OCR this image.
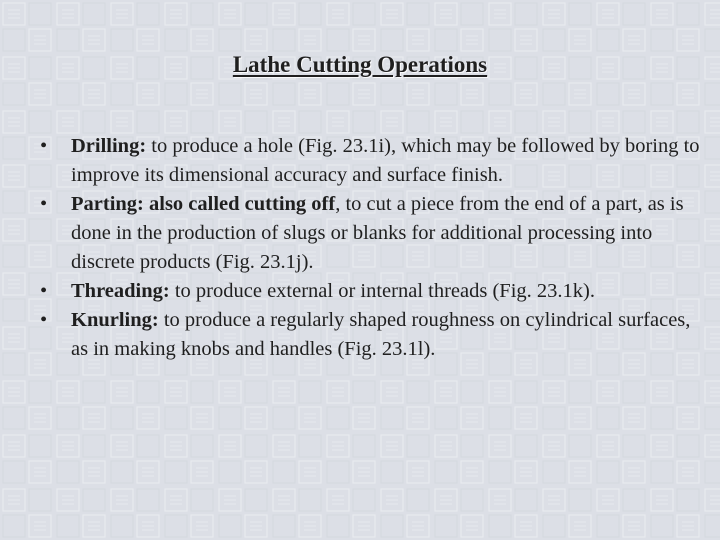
Lathe Cutting Operations
•	Drilling: to produce a hole (Fig. 23.1i), which may be followed by boring to improve its dimensional accuracy and surface finish.
•	Parting: also called cutting off, to cut a piece from the end of a part, as is done in the production of slugs or blanks for additional processing into discrete products (Fig. 23.1j).
•	Threading: to produce external or internal threads (Fig. 23.1k).
•	Knurling: to produce a regularly shaped roughness on cylindrical surfaces, as in making knobs and handles (Fig. 23.1l).
